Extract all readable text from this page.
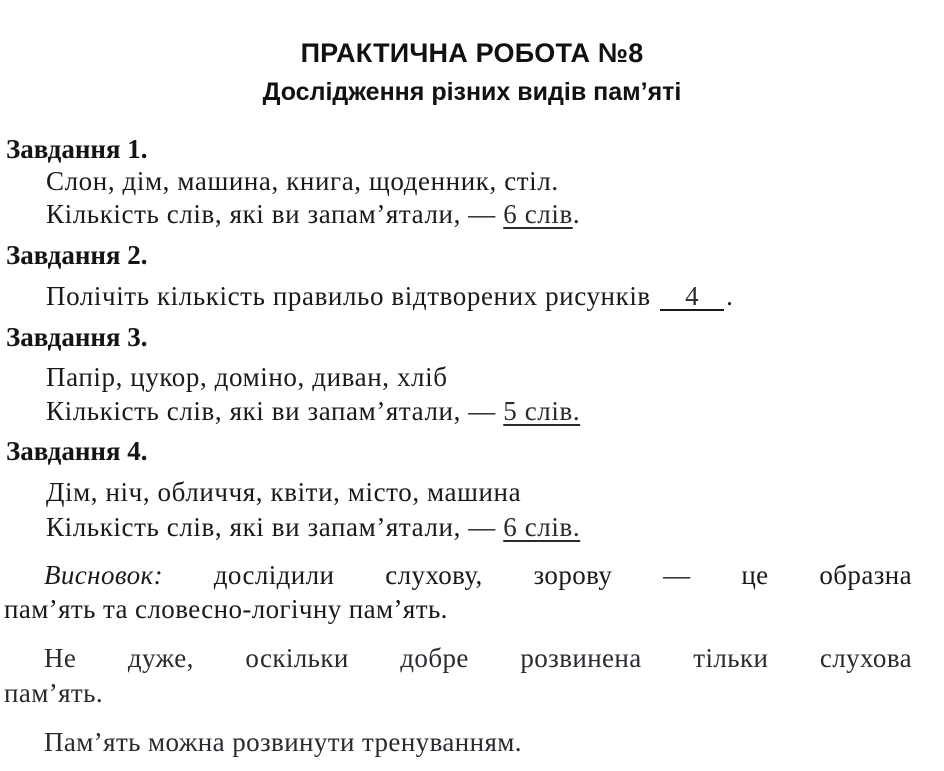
ПРАКТИЧНА РОБОТА №8
Дослідження різних видів пам’яті
Завдання 1.
Слон, дім, машина, книга, щоденник, стіл.
Кількість слів, які ви запам’ятали, — 6 слів.
Завдання 2.
Полічіть кількість правильо відтворених рисунків 4 .
Завдання 3.
Папір, цукор, доміно, диван, хліб
Кількість слів, які ви запам’ятали, — 5 слів.
Завдання 4.
Дім, ніч, обличчя, квіти, місто, машина
Кількість слів, які ви запам’ятали, — 6 слів.
Висновок: дослідили слухову, зорову — це образна
пам’ять та словесно-логічну пам’ять.
Не дуже, оскільки добре розвинена тільки слухова
пам’ять.
Пам’ять можна розвинути тренуванням.
